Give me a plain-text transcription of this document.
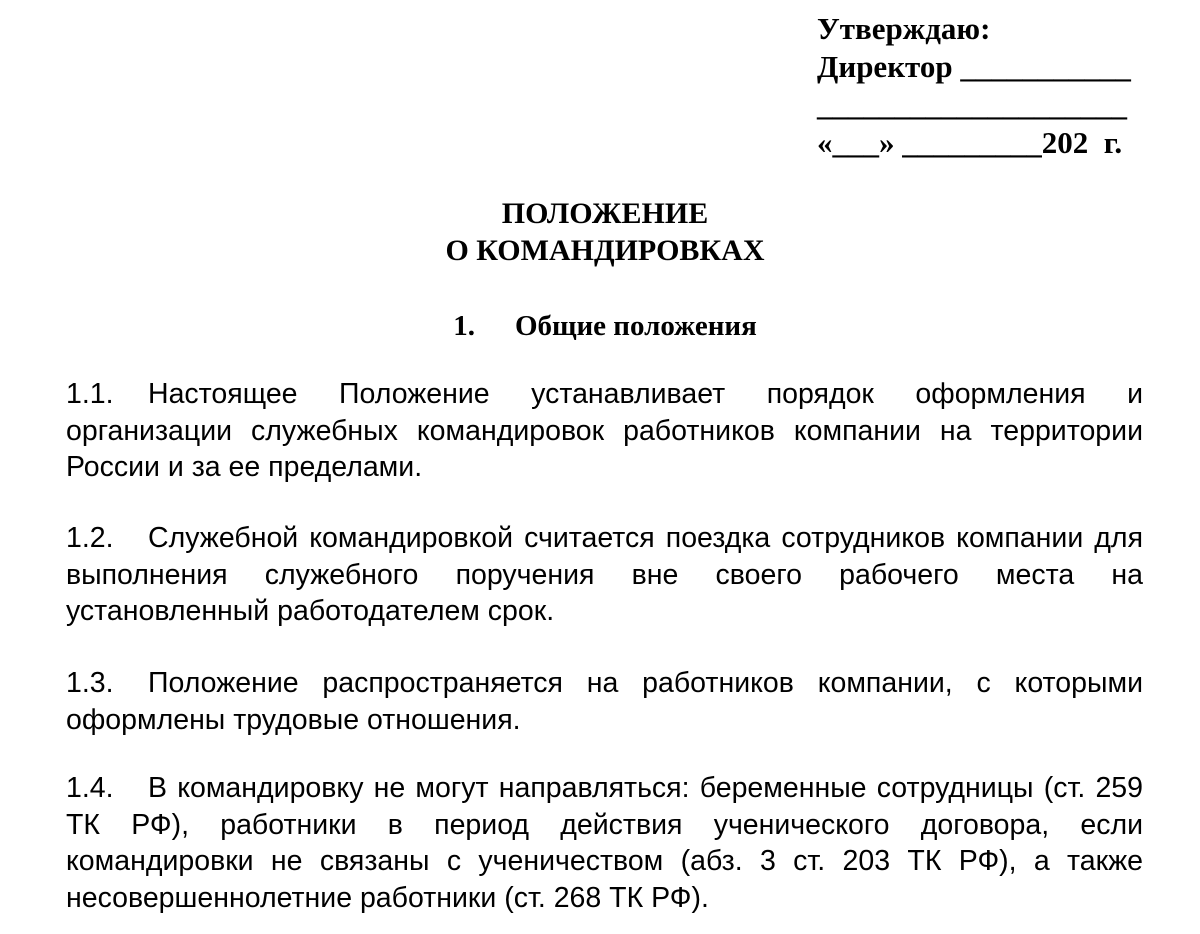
Утверждаю:
Директор ___________
____________________
«___» _________202  г.
ПОЛОЖЕНИЕ
О КОМАНДИРОВКАХ
1. Общие положения
1.1. Настоящее Положение устанавливает порядок оформления и организации служебных командировок работников компании на территории России и за ее пределами.
1.2. Служебной командировкой считается поездка сотрудников компании для выполнения служебного поручения вне своего рабочего места на установленный работодателем срок.
1.3. Положение распространяется на работников компании, с которыми оформлены трудовые отношения.
1.4. В командировку не могут направляться: беременные сотрудницы (ст. 259 ТК РФ), работники в период действия ученического договора, если командировки не связаны с ученичеством (абз. 3 ст. 203 ТК РФ), а также несовершеннолетние работники (ст. 268 ТК РФ).
